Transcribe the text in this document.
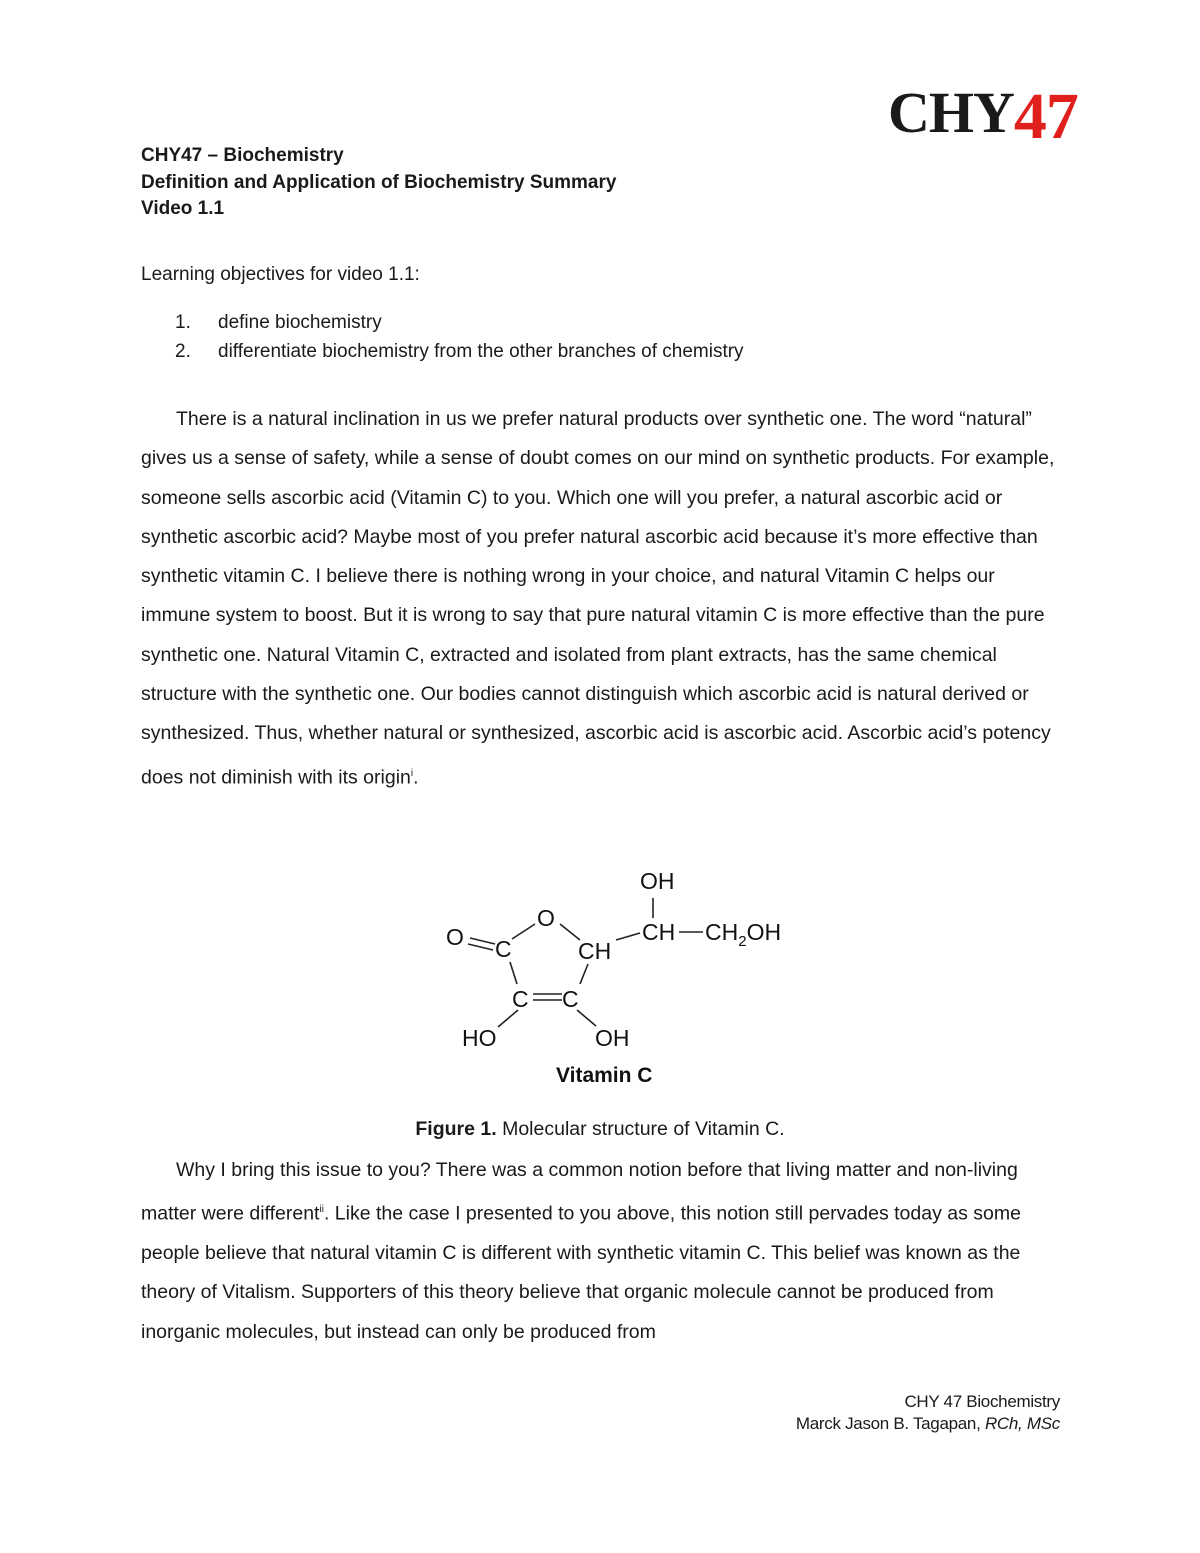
CHY47
CHY47 – Biochemistry
Definition and Application of Biochemistry Summary
Video 1.1
Learning objectives for video 1.1:
1. define biochemistry
2. differentiate biochemistry from the other branches of chemistry

There is a natural inclination in us we prefer natural products over synthetic one. The word “natural” gives us a sense of safety, while a sense of doubt comes on our mind on synthetic products. For example, someone sells ascorbic acid (Vitamin C) to you. Which one will you prefer, a natural ascorbic acid or synthetic ascorbic acid? Maybe most of you prefer natural ascorbic acid because it’s more effective than synthetic vitamin C. I believe there is nothing wrong in your choice, and natural Vitamin C helps our immune system to boost. But it is wrong to say that pure natural vitamin C is more effective than the pure synthetic one. Natural Vitamin C, extracted and isolated from plant extracts, has the same chemical structure with the synthetic one. Our bodies cannot distinguish which ascorbic acid is natural derived or synthesized. Thus, whether natural or synthesized, ascorbic acid is ascorbic acid. Ascorbic acid’s potency does not diminish with its origin$^i$.

OH
O C
O
CH
CH $CH_2OH$
C C
HO	OH
Vitamin C
Figure 1. Molecular structure of Vitamin C.

Why I bring this issue to you? There was a common notion before that living matter and non-living matter were different$^{ii}$. Like the case I presented to you above, this notion still pervades today as some people believe that natural vitamin C is different with synthetic vitamin C. This belief was known as the theory of Vitalism. Supporters of this theory believe that organic molecule cannot be produced from inorganic molecules, but instead can only be produced from

CHY 47 Biochemistry
Marck Jason B. Tagapan, RCh, MSc
